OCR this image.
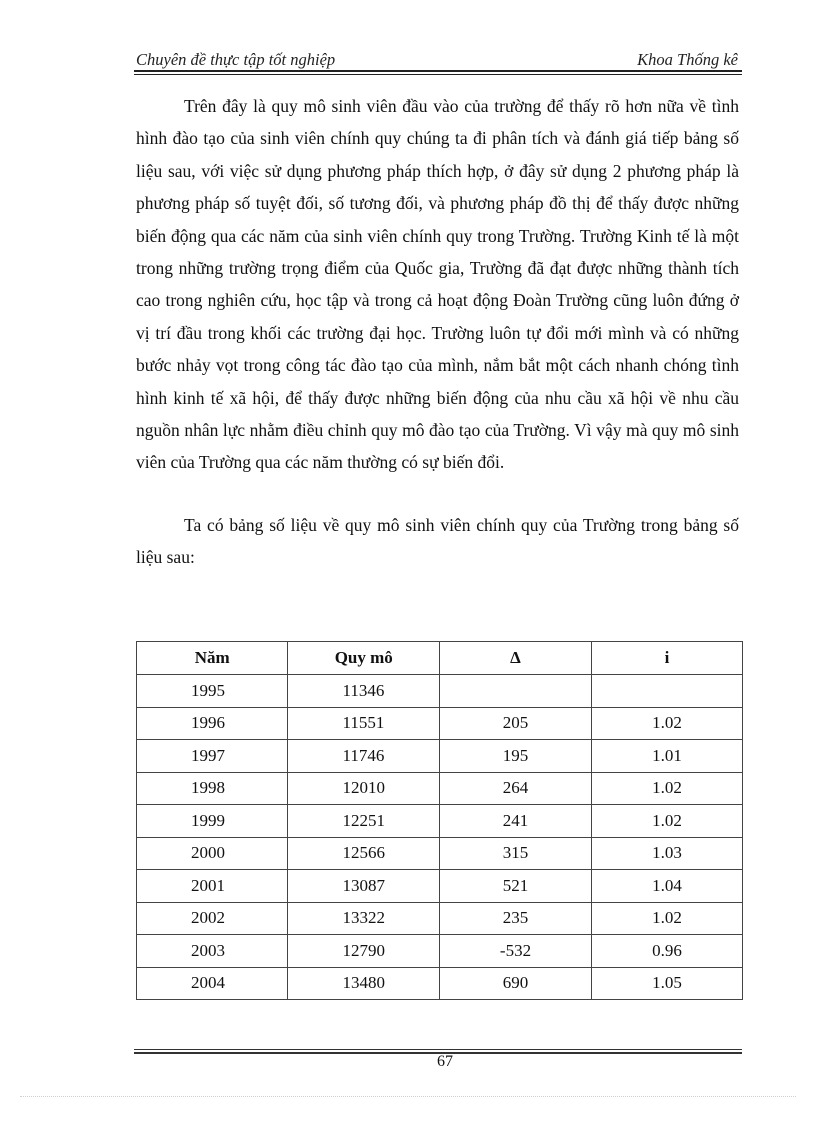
Chuyên đề thực tập tốt nghiệp	Khoa Thống kê

Trên đây là quy mô sinh viên đầu vào của trường để thấy rõ hơn nữa về tình hình đào tạo của sinh viên chính quy chúng ta đi phân tích và đánh giá tiếp bảng số liệu sau, với việc sử dụng phương pháp thích hợp, ở đây sử dụng 2 phương pháp là phương pháp số tuyệt đối, số tương đối, và phương pháp đồ thị để thấy được những biến động qua các năm của sinh viên chính quy trong Trường. Trường Kinh tế là một trong những trường trọng điểm của Quốc gia, Trường đã đạt được những thành tích cao trong nghiên cứu, học tập và trong cả hoạt động Đoàn Trường cũng luôn đứng ở vị trí đầu trong khối các trường đại học. Trường luôn tự đổi mới mình và có những bước nhảy vọt trong công tác đào tạo của mình, nắm bắt một cách nhanh chóng tình hình kinh tế xã hội, để thấy được những biến động của nhu cầu xã hội về nhu cầu nguồn nhân lực nhằm điều chỉnh quy mô đào tạo của Trường. Vì vậy mà quy mô sinh viên của Trường qua các năm thường có sự biến đổi.

Ta có bảng số liệu về quy mô sinh viên chính quy của Trường trong bảng số liệu sau:

Năm	Quy mô	Δ	i
1995	11346		
1996	11551	205	1.02
1997	11746	195	1.01
1998	12010	264	1.02
1999	12251	241	1.02
2000	12566	315	1.03
2001	13087	521	1.04
2002	13322	235	1.02
2003	12790	-532	0.96
2004	13480	690	1.05
67
